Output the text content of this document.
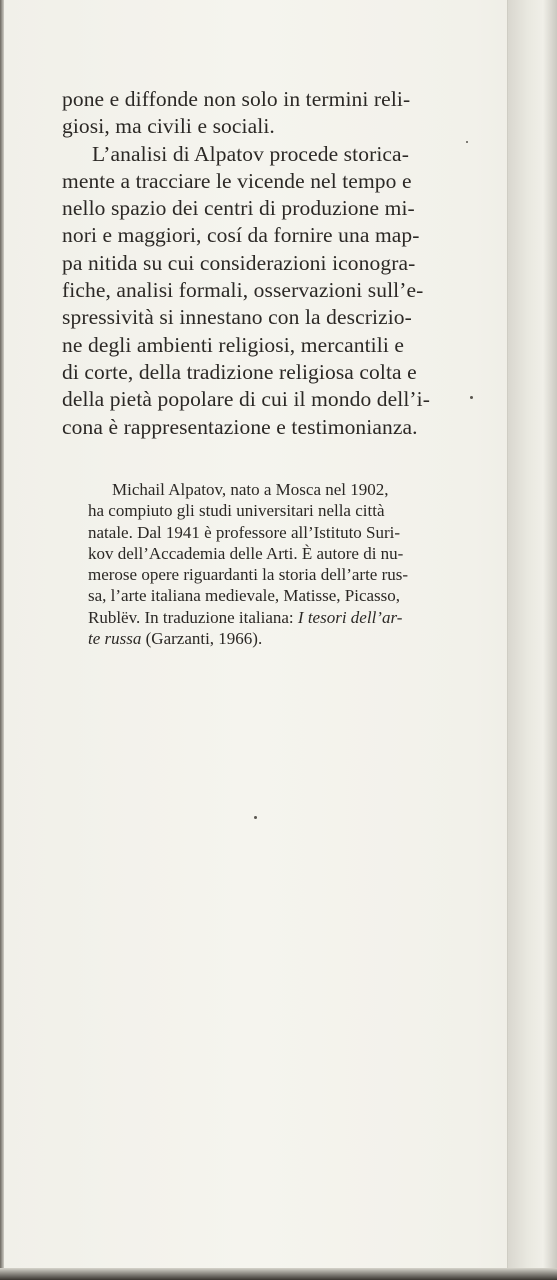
pone e diffonde non solo in termini reli-
giosi, ma civili e sociali.
L’analisi di Alpatov procede storica-
mente a tracciare le vicende nel tempo e
nello spazio dei centri di produzione mi-
nori e maggiori, cosí da fornire una map-
pa nitida su cui considerazioni iconogra-
fiche, analisi formali, osservazioni sull’e-
spressività si innestano con la descrizio-
ne degli ambienti religiosi, mercantili e
di corte, della tradizione religiosa colta e
della pietà popolare di cui il mondo dell’i-
cona è rappresentazione e testimonianza.
Michail Alpatov, nato a Mosca nel 1902,
ha compiuto gli studi universitari nella città
natale. Dal 1941 è professore all’Istituto Suri-
kov dell’Accademia delle Arti. È autore di nu-
merose opere riguardanti la storia dell’arte rus-
sa, l’arte italiana medievale, Matisse, Picasso,
Rublëv. In traduzione italiana: I tesori dell’ar-
te russa (Garzanti, 1966).
